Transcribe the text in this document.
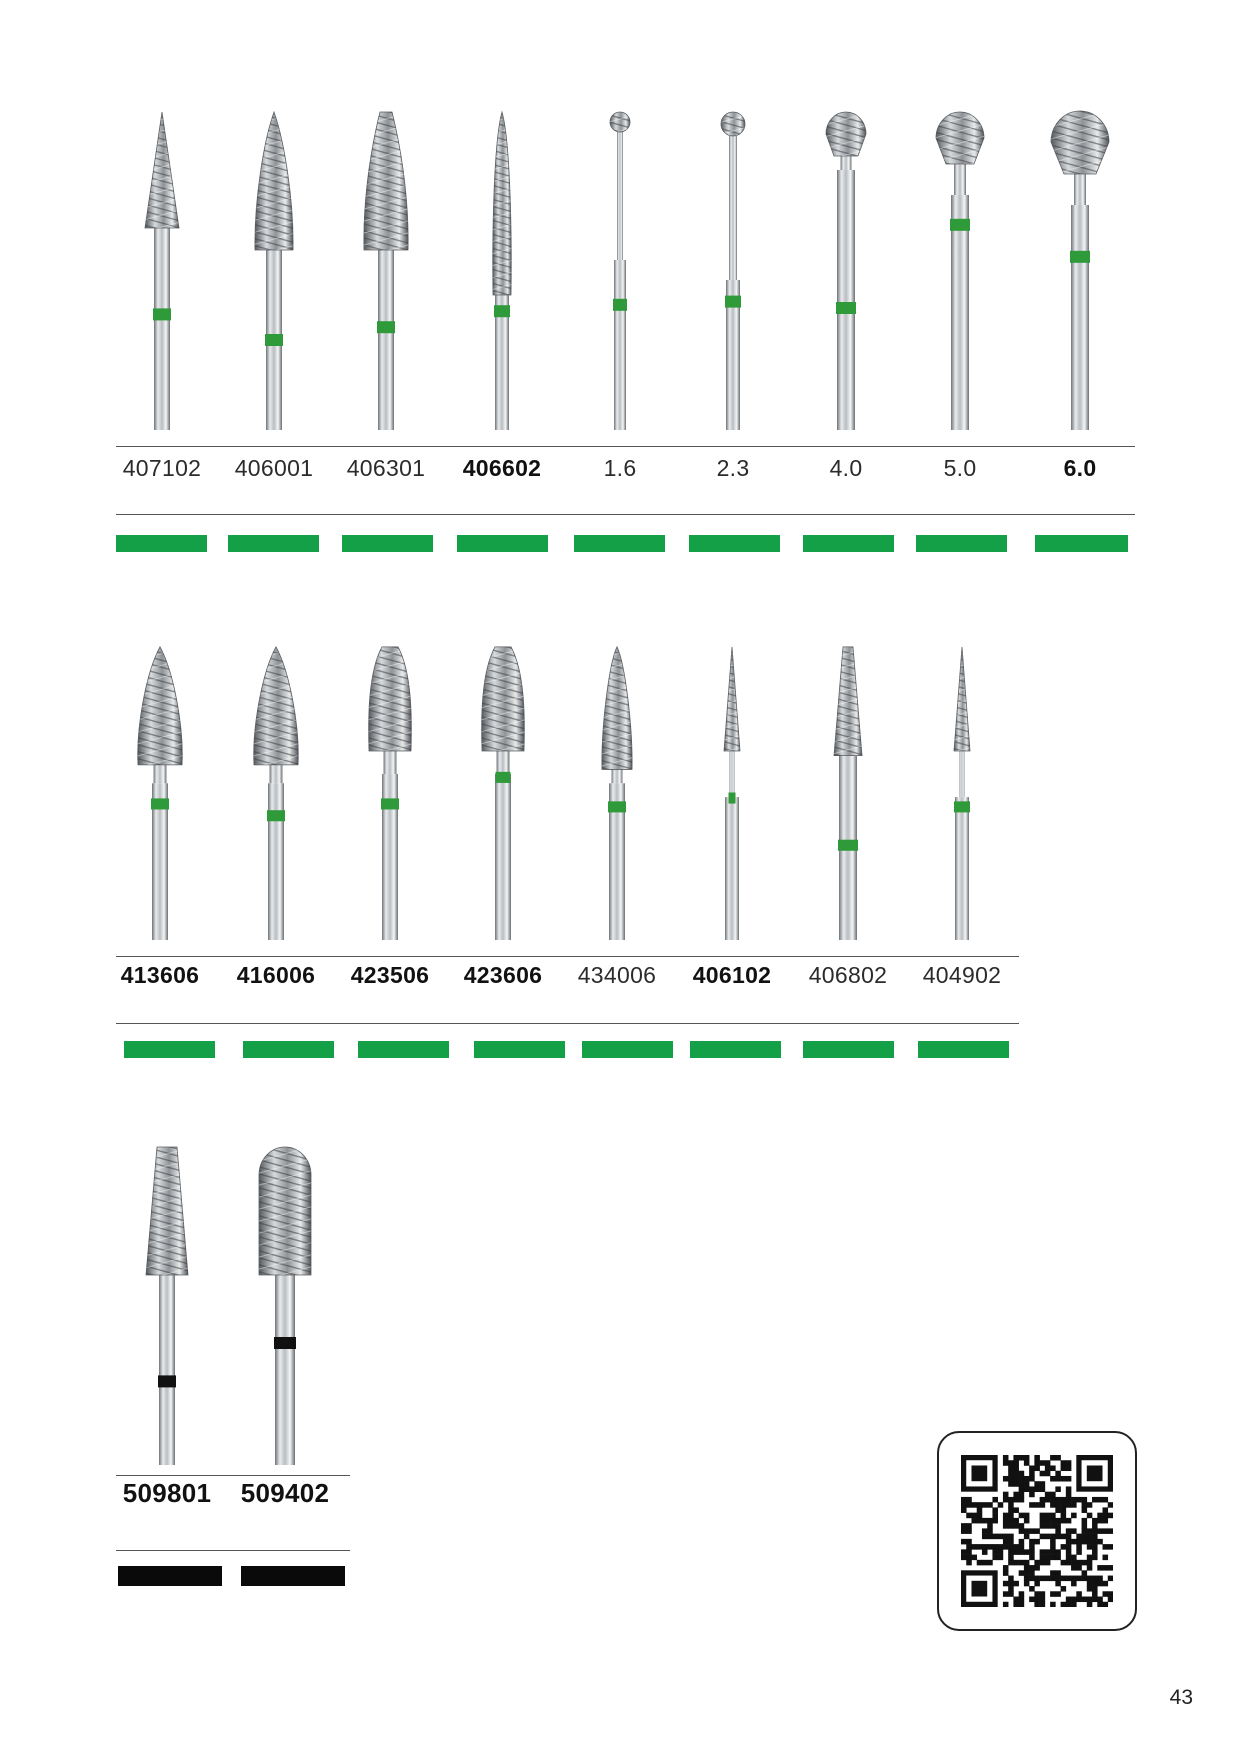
407102	406001	406301	406602	1.6	2.3	4.0	5.0	6.0
413606	416006	423506	423606	434006	406102	406802	404902
509801	509402
43
